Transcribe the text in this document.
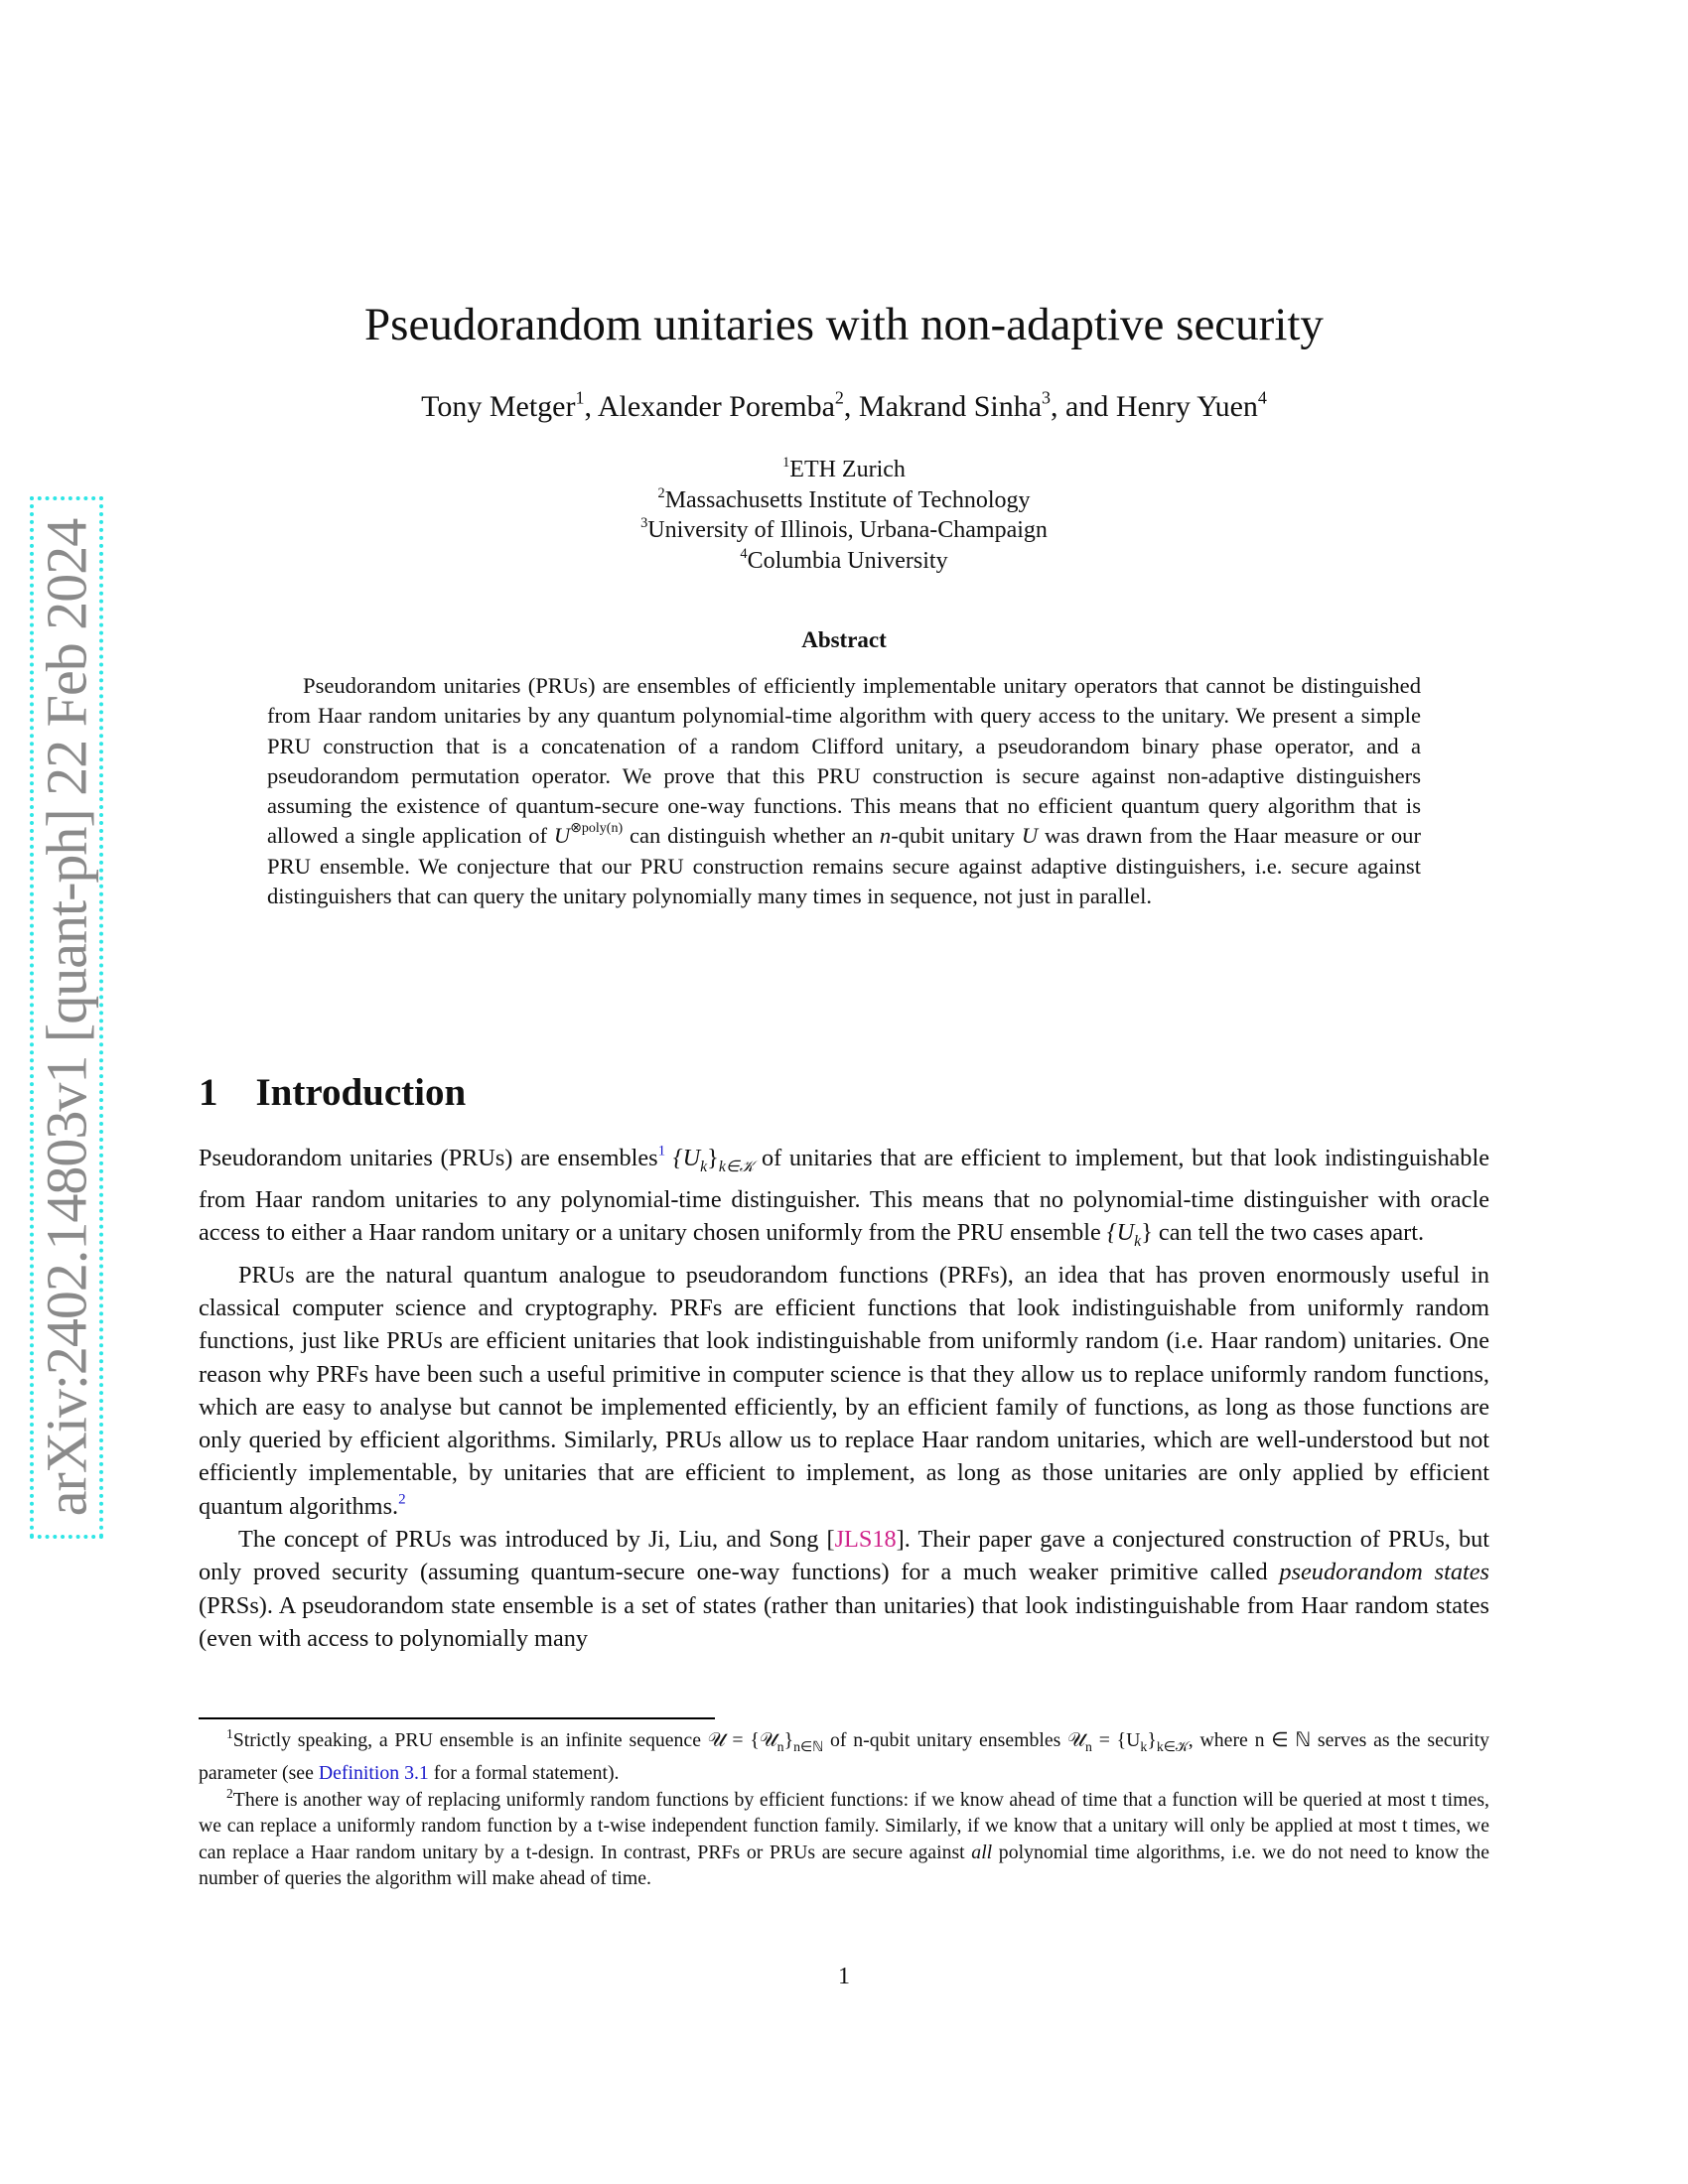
arXiv:2402.14803v1 [quant-ph] 22 Feb 2024
Pseudorandom unitaries with non-adaptive security
Tony Metger$^1$, Alexander Poremba$^2$, Makrand Sinha$^3$, and Henry Yuen$^4$
$^1$ETH Zurich
$^2$Massachusetts Institute of Technology
$^3$University of Illinois, Urbana-Champaign
$^4$Columbia University
Abstract
Pseudorandom unitaries (PRUs) are ensembles of efficiently implementable unitary operators that cannot be distinguished from Haar random unitaries by any quantum polynomial-time algorithm with query access to the unitary. We present a simple PRU construction that is a concatenation of a random Clifford unitary, a pseudorandom binary phase operator, and a pseudorandom permutation operator. We prove that this PRU construction is secure against non-adaptive distinguishers assuming the existence of quantum-secure one-way functions. This means that no efficient quantum query algorithm that is allowed a single application of $U^{\otimes poly(n)}$ can distinguish whether an n-qubit unitary U was drawn from the Haar measure or our PRU ensemble. We conjecture that our PRU construction remains secure against adaptive distinguishers, i.e. secure against distinguishers that can query the unitary polynomially many times in sequence, not just in parallel.
1 Introduction

Pseudorandom unitaries (PRUs) are ensembles$^1$ $\{U_k\}_{k\in 𝒦}$ of unitaries that are efficient to implement, but that look indistinguishable from Haar random unitaries to any polynomial-time distinguisher. This means that no polynomial-time distinguisher with oracle access to either a Haar random unitary or a unitary chosen uniformly from the PRU ensemble $\{U_k\}$ can tell the two cases apart.

PRUs are the natural quantum analogue to pseudorandom functions (PRFs), an idea that has proven enormously useful in classical computer science and cryptography. PRFs are efficient functions that look indistinguishable from uniformly random functions, just like PRUs are efficient unitaries that look indistinguishable from uniformly random (i.e. Haar random) unitaries. One reason why PRFs have been such a useful primitive in computer science is that they allow us to replace uniformly random functions, which are easy to analyse but cannot be implemented efficiently, by an efficient family of functions, as long as those functions are only queried by efficient algorithms. Similarly, PRUs allow us to replace Haar random unitaries, which are well-understood but not efficiently implementable, by unitaries that are efficient to implement, as long as those unitaries are only applied by efficient quantum algorithms.$^2$

The concept of PRUs was introduced by Ji, Liu, and Song [JLS18]. Their paper gave a conjectured construction of PRUs, but only proved security (assuming quantum-secure one-way functions) for a much weaker primitive called pseudorandom states (PRSs). A pseudorandom state ensemble is a set of states (rather than unitaries) that look indistinguishable from Haar random states (even with access to polynomially many

$^1$Strictly speaking, a PRU ensemble is an infinite sequence 𝒰 = $\{𝒰_n\}_{n\in ℕ}$ of n-qubit unitary ensembles 𝒰$_n$ = $\{U_k\}_{k\in 𝒦}$, where n ∈ ℕ serves as the security parameter (see Definition 3.1 for a formal statement).

$^2$There is another way of replacing uniformly random functions by efficient functions: if we know ahead of time that a function will be queried at most t times, we can replace a uniformly random function by a t-wise independent function family. Similarly, if we know that a unitary will only be applied at most t times, we can replace a Haar random unitary by a t-design. In contrast, PRFs or PRUs are secure against all polynomial time algorithms, i.e. we do not need to know the number of queries the algorithm will make ahead of time.

1
